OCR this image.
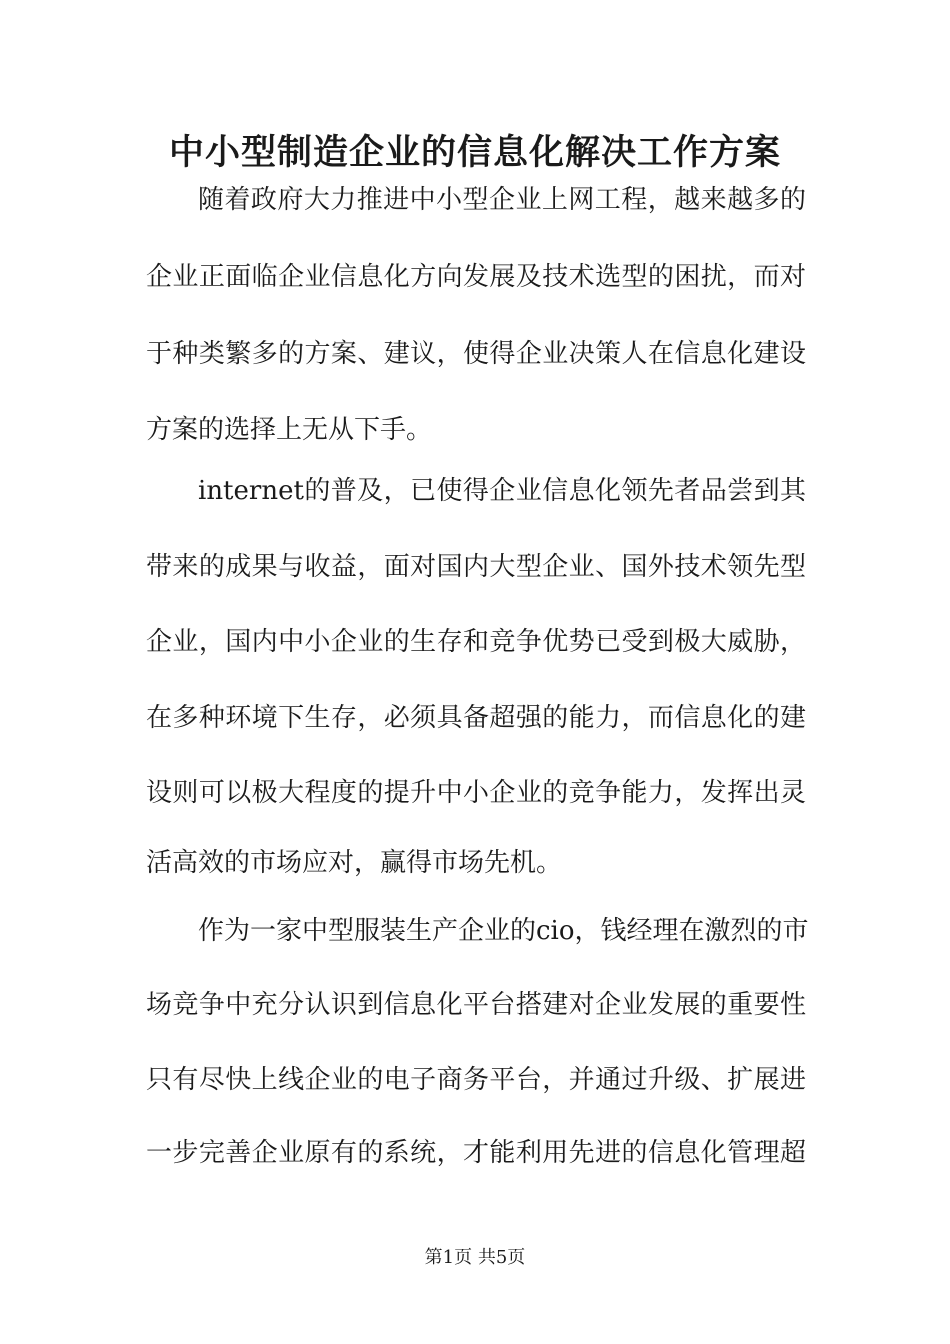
中小型制造企业的信息化解决工作方案

随着政府大力推进中小型企业上网工程，越来越多的

企业正面临企业信息化方向发展及技术选型的困扰，而对

于种类繁多的方案、建议，使得企业决策人在信息化建设

方案的选择上无从下手。

internet的普及，已使得企业信息化领先者品尝到其

带来的成果与收益，面对国内大型企业、国外技术领先型

企业，国内中小企业的生存和竞争优势已受到极大威胁，

在多种环境下生存，必须具备超强的能力，而信息化的建

设则可以极大程度的提升中小企业的竞争能力，发挥出灵

活高效的市场应对，赢得市场先机。

作为一家中型服装生产企业的cio，钱经理在激烈的市

场竞争中充分认识到信息化平台搭建对企业发展的重要性

只有尽快上线企业的电子商务平台，并通过升级、扩展进

一步完善企业原有的系统，才能利用先进的信息化管理超

第1页 共5页
